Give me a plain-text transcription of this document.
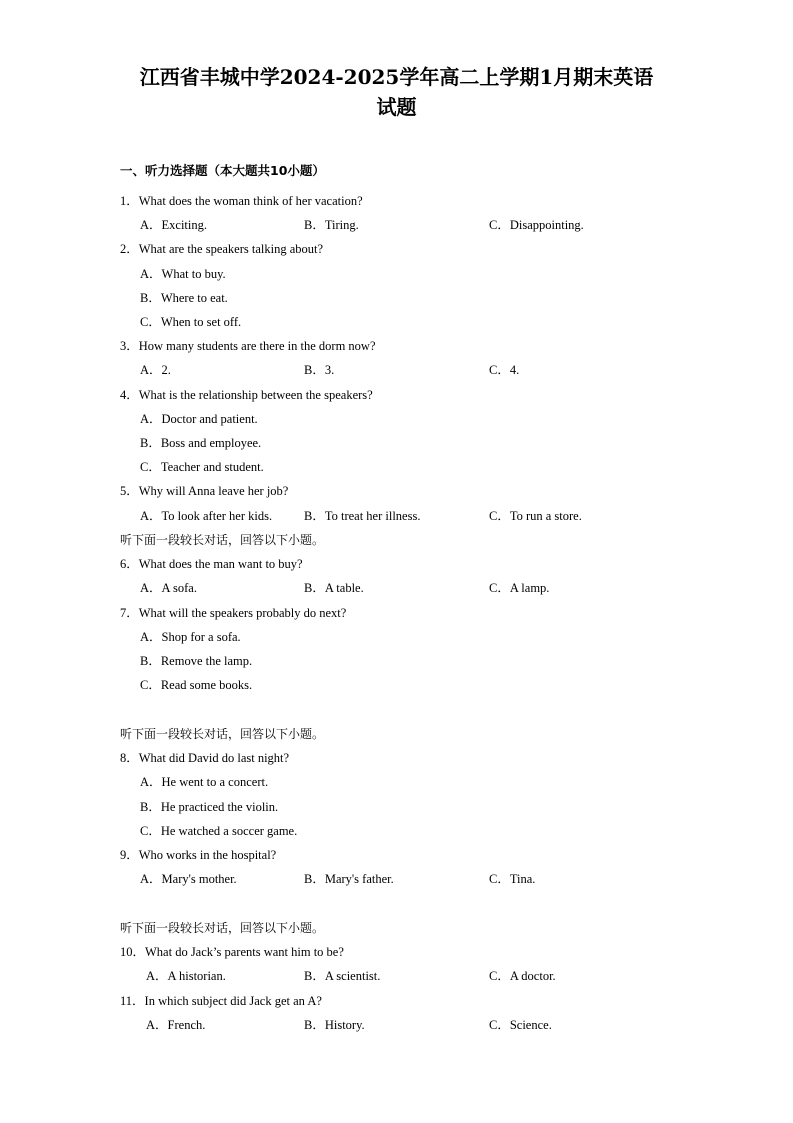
江西省丰城中学2024-2025学年高二上学期1月期末英语
试题
一、听力选择题（本大题共10小题）
1．What does the woman think of her vacation?
A．Exciting.	B．Tiring.	C．Disappointing.
2．What are the speakers talking about?
A．What to buy.
B．Where to eat.
C．When to set off.
3．How many students are there in the dorm now?
A．2.	B．3.	C．4.
4．What is the relationship between the speakers?
A．Doctor and patient.
B．Boss and employee.
C．Teacher and student.
5．Why will Anna leave her job?
A．To look after her kids.	B．To treat her illness.	C．To run a store.
听下面一段较长对话，回答以下小题。
6．What does the man want to buy?
A．A sofa.	B．A table.	C．A lamp.
7．What will the speakers probably do next?
A．Shop for a sofa.
B．Remove the lamp.
C．Read some books.
听下面一段较长对话，回答以下小题。
8．What did David do last night?
A．He went to a concert.
B．He practiced the violin.
C．He watched a soccer game.
9．Who works in the hospital?
A．Mary's mother.	B．Mary's father.	C．Tina.
听下面一段较长对话，回答以下小题。
10．What do Jack’s parents want him to be?
A．A historian.	B．A scientist.	C．A doctor.
11．In which subject did Jack get an A?
A．French.	B．History.	C．Science.
